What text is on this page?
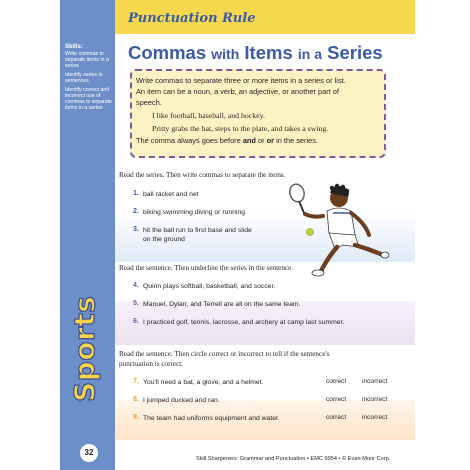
Skills:
Write commas to separate items in a series
Identify series in sentences
Identify correct and incorrect use of commas to separate items in a series
Sports
32
Punctuation Rule
Commas with Items in a Series
Write commas to separate three or more items in a series or list.
An item can be a noun, a verb, an adjective, or another part of
speech.
I like football, baseball, and hockey.
Pritty grabs the bat, steps to the plate, and takes a swing.
The comma always goes before and or or in the series.
Read the series. Then write commas to separate the items.
1. ball racket and net
2. biking swimming diving or running
3. hit the ball run to first base and slide
on the ground
Read the sentence. Then underline the series in the sentence.
4. Quinn plays softball, basketball, and soccer.
5. Manuel, Dylan, and Terrell are all on the same team.
6. I practiced golf, tennis, lacrosse, and archery at camp last summer.
Read the sentence. Then circle correct or incorrect to tell if the sentence's
punctuation is correct.
7. You'll need a bat, a glove, and a helmet.	correct incorrect
8. I jumped ducked and ran.	correct incorrect
9. The team had uniforms equipment and water.	correct incorrect
Skill Sharpeners: Grammar and Punctuation • EMC 9954 • © Evan-Moor Corp.
